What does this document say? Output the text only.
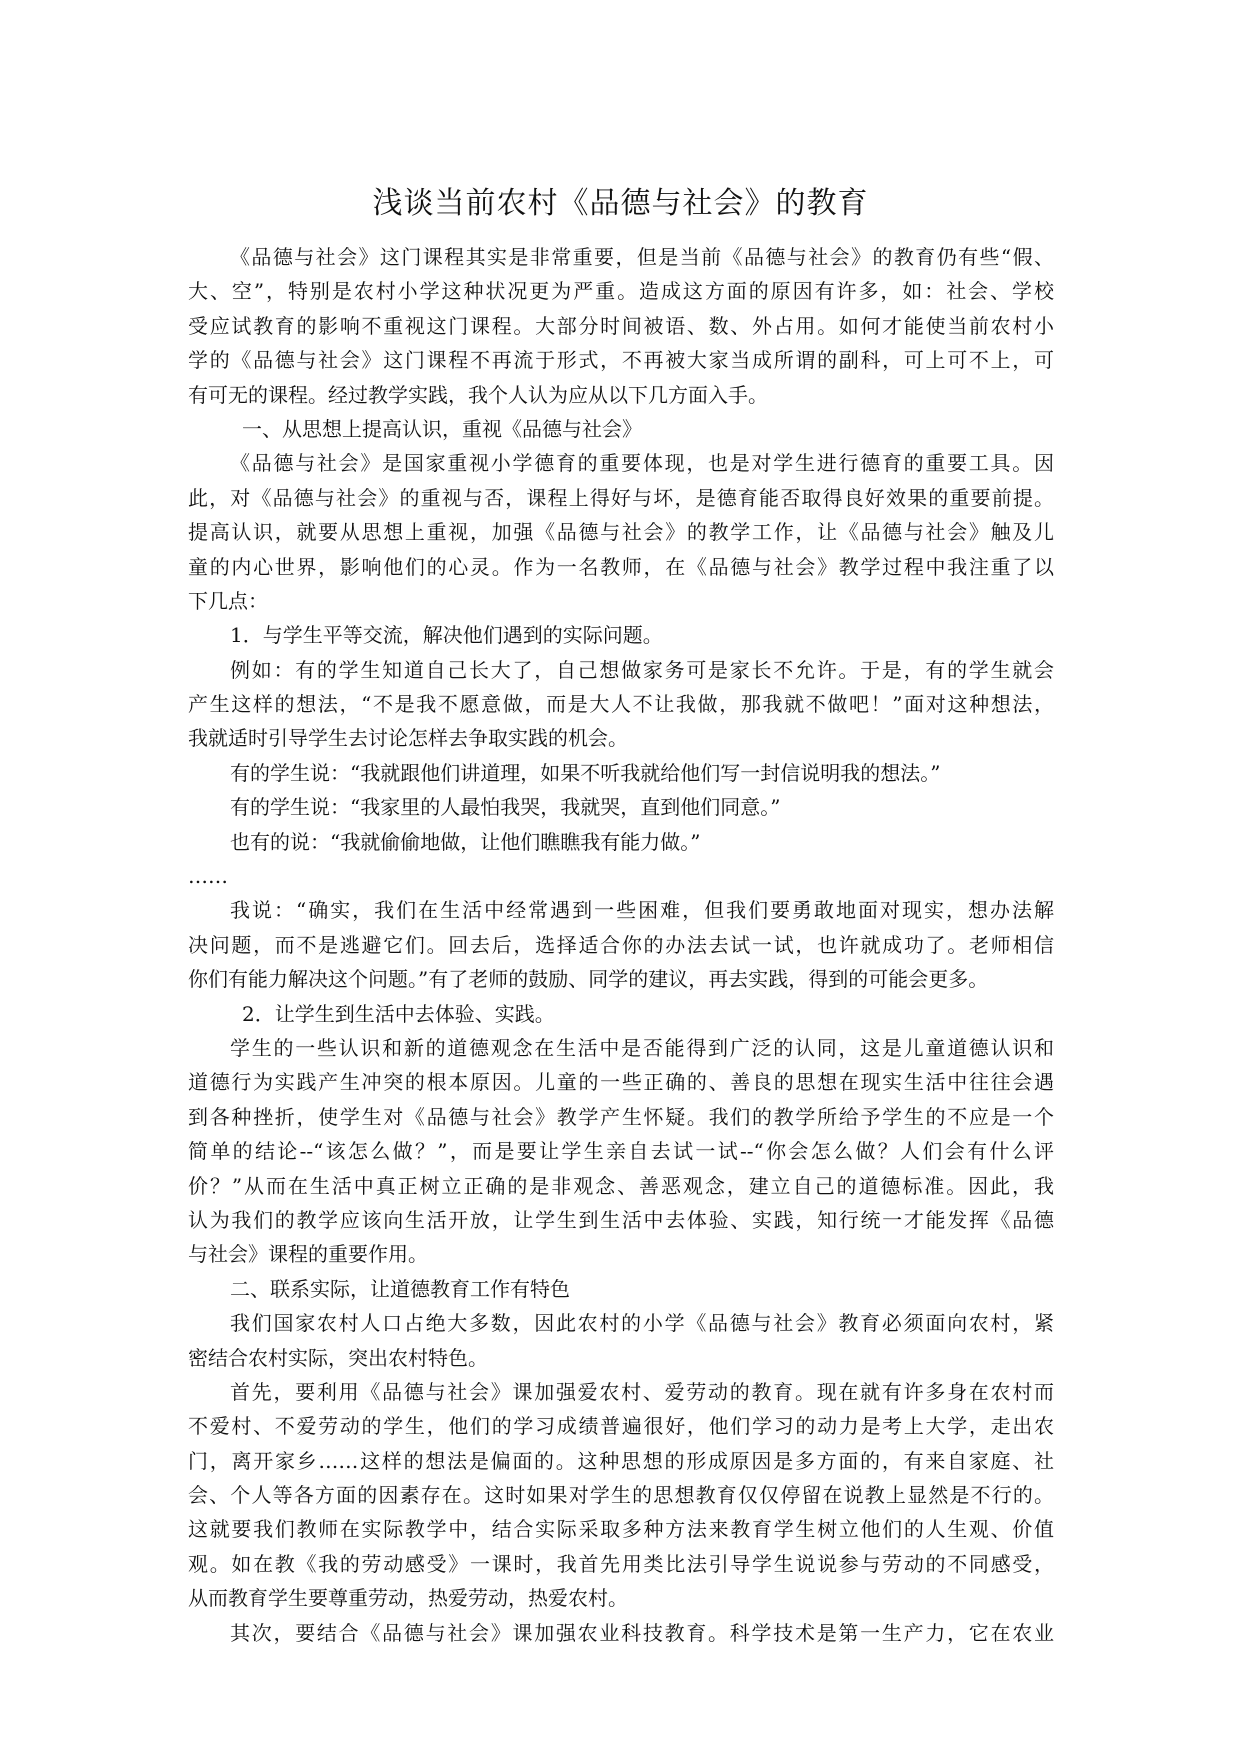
浅谈当前农村《品德与社会》的教育
《品德与社会》这门课程其实是非常重要，但是当前《品德与社会》的教育仍有些“假、
大、空”，特别是农村小学这种状况更为严重。造成这方面的原因有许多，如：社会、学校
受应试教育的影响不重视这门课程。大部分时间被语、数、外占用。如何才能使当前农村小
学的《品德与社会》这门课程不再流于形式，不再被大家当成所谓的副科，可上可不上，可
有可无的课程。经过教学实践，我个人认为应从以下几方面入手。
一、从思想上提高认识，重视《品德与社会》
《品德与社会》是国家重视小学德育的重要体现，也是对学生进行德育的重要工具。因
此，对《品德与社会》的重视与否，课程上得好与坏，是德育能否取得良好效果的重要前提。
提高认识，就要从思想上重视，加强《品德与社会》的教学工作，让《品德与社会》触及儿
童的内心世界，影响他们的心灵。作为一名教师，在《品德与社会》教学过程中我注重了以
下几点：
1．与学生平等交流，解决他们遇到的实际问题。
例如：有的学生知道自己长大了，自己想做家务可是家长不允许。于是，有的学生就会
产生这样的想法，“不是我不愿意做，而是大人不让我做，那我就不做吧！”面对这种想法，
我就适时引导学生去讨论怎样去争取实践的机会。
有的学生说：“我就跟他们讲道理，如果不听我就给他们写一封信说明我的想法。”
有的学生说：“我家里的人最怕我哭，我就哭，直到他们同意。”
也有的说：“我就偷偷地做，让他们瞧瞧我有能力做。”
……
我说：“确实，我们在生活中经常遇到一些困难，但我们要勇敢地面对现实，想办法解
决问题，而不是逃避它们。回去后，选择适合你的办法去试一试，也许就成功了。老师相信
你们有能力解决这个问题。”有了老师的鼓励、同学的建议，再去实践，得到的可能会更多。
2．让学生到生活中去体验、实践。
学生的一些认识和新的道德观念在生活中是否能得到广泛的认同，这是儿童道德认识和
道德行为实践产生冲突的根本原因。儿童的一些正确的、善良的思想在现实生活中往往会遇
到各种挫折，使学生对《品德与社会》教学产生怀疑。我们的教学所给予学生的不应是一个
简单的结论--“该怎么做？”，而是要让学生亲自去试一试--“你会怎么做？人们会有什么评
价？”从而在生活中真正树立正确的是非观念、善恶观念，建立自己的道德标准。因此，我
认为我们的教学应该向生活开放，让学生到生活中去体验、实践，知行统一才能发挥《品德
与社会》课程的重要作用。
二、联系实际，让道德教育工作有特色
我们国家农村人口占绝大多数，因此农村的小学《品德与社会》教育必须面向农村，紧
密结合农村实际，突出农村特色。
首先，要利用《品德与社会》课加强爱农村、爱劳动的教育。现在就有许多身在农村而
不爱村、不爱劳动的学生，他们的学习成绩普遍很好，他们学习的动力是考上大学，走出农
门，离开家乡……这样的想法是偏面的。这种思想的形成原因是多方面的，有来自家庭、社
会、个人等各方面的因素存在。这时如果对学生的思想教育仅仅停留在说教上显然是不行的。
这就要我们教师在实际教学中，结合实际采取多种方法来教育学生树立他们的人生观、价值
观。如在教《我的劳动感受》一课时，我首先用类比法引导学生说说参与劳动的不同感受，
从而教育学生要尊重劳动，热爱劳动，热爱农村。
其次，要结合《品德与社会》课加强农业科技教育。科学技术是第一生产力，它在农业
